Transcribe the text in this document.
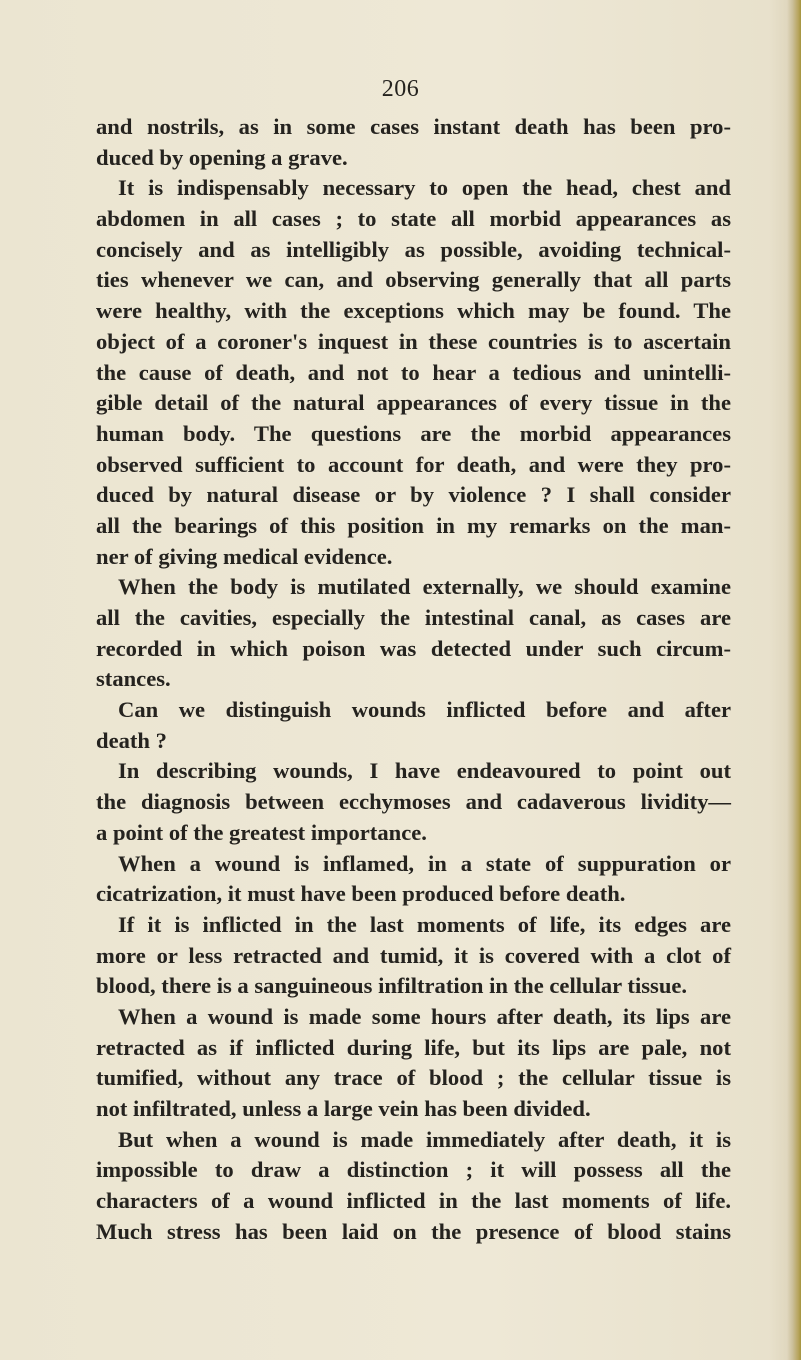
206
and nostrils, as in some cases instant death has been pro-
duced by opening a grave.
It is indispensably necessary to open the head, chest and
abdomen in all cases ; to state all morbid appearances as
concisely and as intelligibly as possible, avoiding technical-
ties whenever we can, and observing generally that all parts
were healthy, with the exceptions which may be found. The
object of a coroner's inquest in these countries is to ascertain
the cause of death, and not to hear a tedious and unintelli-
gible detail of the natural appearances of every tissue in the
human body. The questions are the morbid appearances
observed sufficient to account for death, and were they pro-
duced by natural disease or by violence ? I shall consider
all the bearings of this position in my remarks on the man-
ner of giving medical evidence.
When the body is mutilated externally, we should examine
all the cavities, especially the intestinal canal, as cases are
recorded in which poison was detected under such circum-
stances.
Can we distinguish wounds inflicted before and after
death ?
In describing wounds, I have endeavoured to point out
the diagnosis between ecchymoses and cadaverous lividity—
a point of the greatest importance.
When a wound is inflamed, in a state of suppuration or
cicatrization, it must have been produced before death.
If it is inflicted in the last moments of life, its edges are
more or less retracted and tumid, it is covered with a clot of
blood, there is a sanguineous infiltration in the cellular tissue.
When a wound is made some hours after death, its lips are
retracted as if inflicted during life, but its lips are pale, not
tumified, without any trace of blood ; the cellular tissue is
not infiltrated, unless a large vein has been divided.
But when a wound is made immediately after death, it is
impossible to draw a distinction ; it will possess all the
characters of a wound inflicted in the last moments of life.
Much stress has been laid on the presence of blood stains
